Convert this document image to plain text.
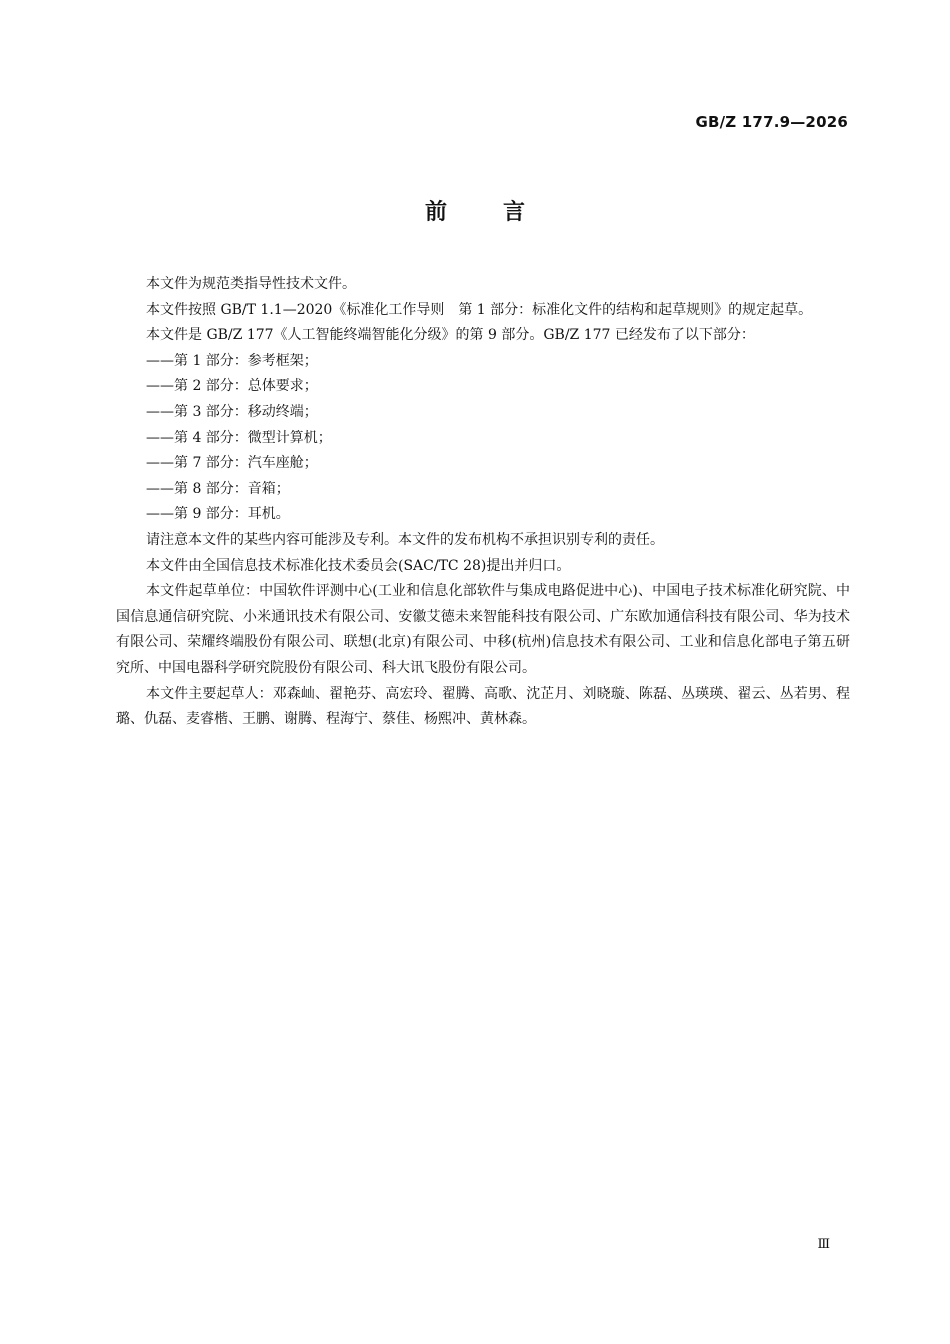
GB/Z 177.9—2026
前言

本文件为规范类指导性技术文件。

本文件按照 GB/T 1.1—2020《标准化工作导则　第 1 部分：标准化文件的结构和起草规则》的规定起草。

本文件是 GB/Z 177《人工智能终端智能化分级》的第 9 部分。GB/Z 177 已经发布了以下部分：

——第 1 部分：参考框架；

——第 2 部分：总体要求；

——第 3 部分：移动终端；

——第 4 部分：微型计算机；

——第 7 部分：汽车座舱；

——第 8 部分：音箱；

——第 9 部分：耳机。

请注意本文件的某些内容可能涉及专利。本文件的发布机构不承担识别专利的责任。

本文件由全国信息技术标准化技术委员会(SAC/TC 28)提出并归口。

本文件起草单位：中国软件评测中心(工业和信息化部软件与集成电路促进中心)、中国电子技术标准化研究院、中国信息通信研究院、小米通讯技术有限公司、安徽艾德未来智能科技有限公司、广东欧加通信科技有限公司、华为技术有限公司、荣耀终端股份有限公司、联想(北京)有限公司、中移(杭州)信息技术有限公司、工业和信息化部电子第五研究所、中国电器科学研究院股份有限公司、科大讯飞股份有限公司。

本文件主要起草人：邓森屾、翟艳芬、高宏玲、翟腾、高歌、沈芷月、刘晓璇、陈磊、丛瑛瑛、翟云、丛若男、程璐、仇磊、麦睿楷、王鹏、谢腾、程海宁、蔡佳、杨熙冲、黄林森。

Ⅲ
